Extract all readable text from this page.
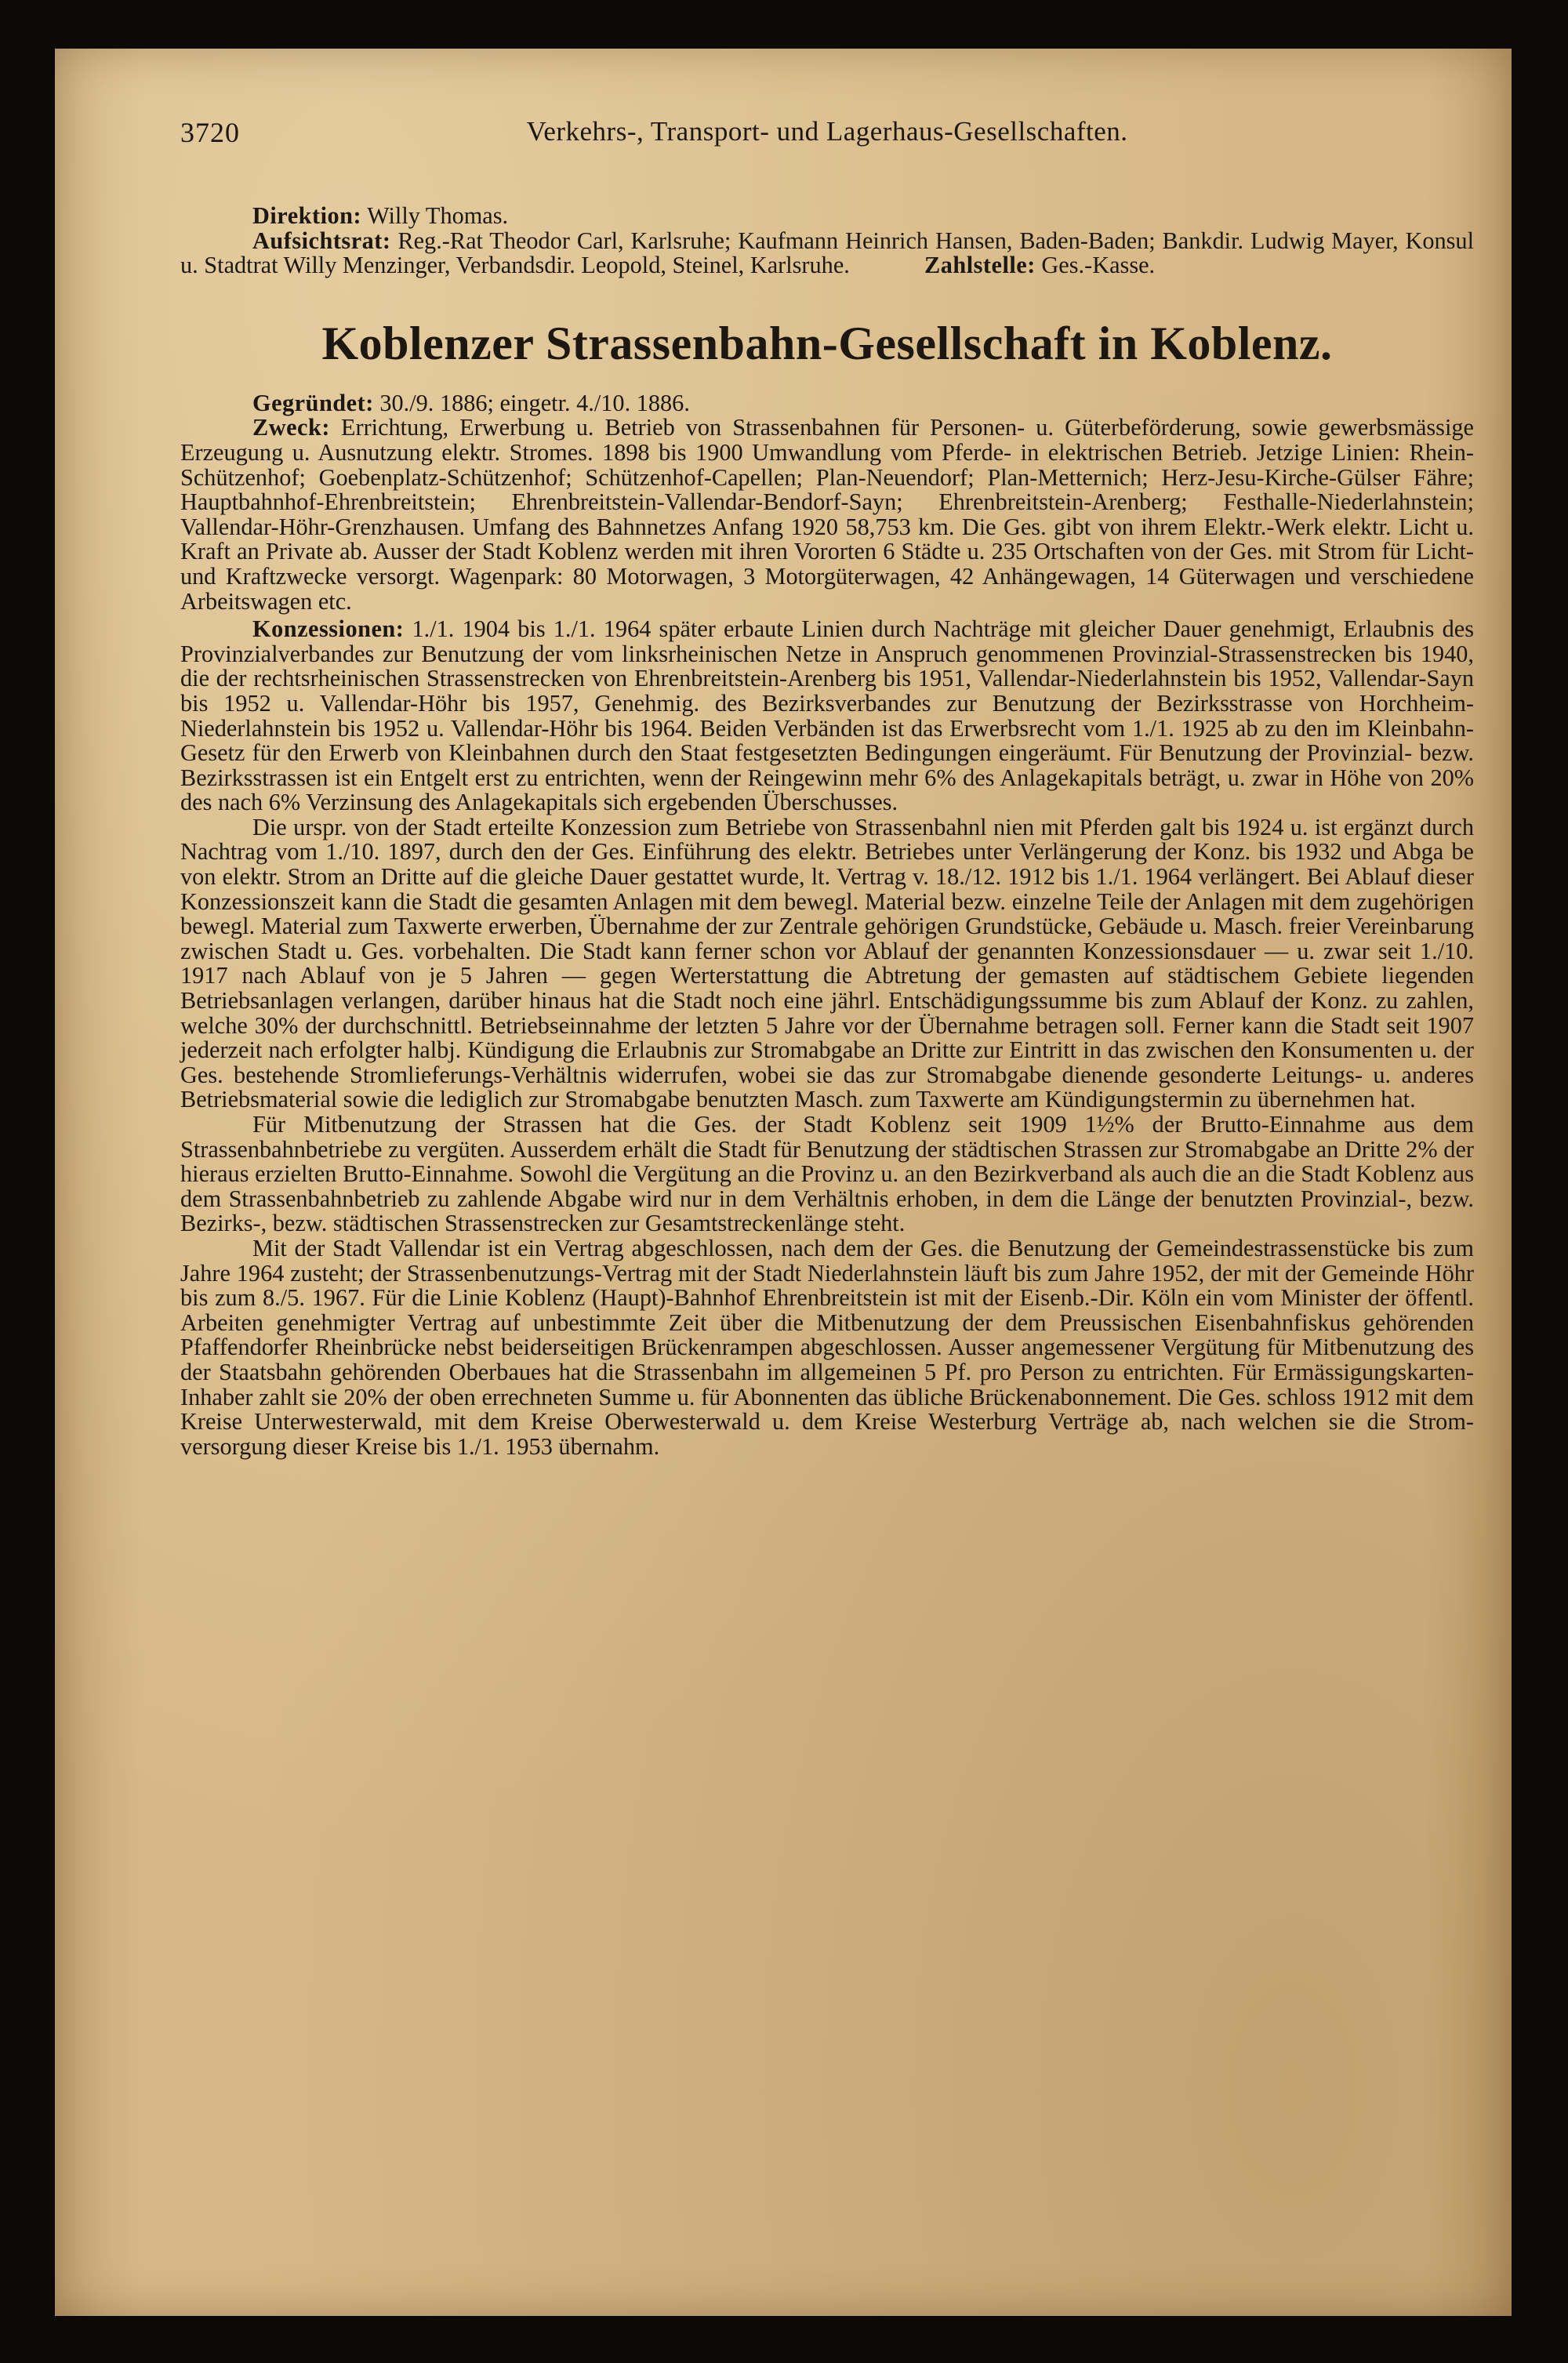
3720	Verkehrs-, Transport- und Lagerhaus-Gesellschaften.

Direktion: Willy Thomas.

Aufsichtsrat: Reg.-Rat Theodor Carl, Karlsruhe; Kaufmann Heinrich Hansen, Baden-Baden; Bankdir. Ludwig Mayer, Konsul u. Stadtrat Willy Menzinger, Verbandsdir. Leopold, Steinel, Karlsruhe.	Zahlstelle: Ges.-Kasse.

Koblenzer Strassenbahn-Gesellschaft in Koblenz.

Gegründet: 30./9. 1886; eingetr. 4./10. 1886.

Zweck: Errichtung, Erwerbung u. Betrieb von Strassenbahnen für Personen- u. Güterbeförderung, sowie gewerbsmässige Erzeugung u. Ausnutzung elektr. Stromes. 1898 bis 1900 Umwandlung vom Pferde- in elektrischen Betrieb. Jetzige Linien: Rhein-Schützenhof; Goebenplatz-Schützenhof; Schützenhof-Capellen; Plan-Neuendorf; Plan-Metternich; Herz-Jesu-Kirche-Gülser Fähre; Hauptbahnhof-Ehrenbreitstein; Ehrenbreitstein-Vallendar-Bendorf-Sayn; Ehrenbreitstein-Arenberg; Festhalle-Niederlahnstein; Vallendar-Höhr-Grenzhausen. Umfang des Bahnnetzes Anfang 1920 58,753 km. Die Ges. gibt von ihrem Elektr.-Werk elektr. Licht u. Kraft an Private ab. Ausser der Stadt Koblenz werden mit ihren Vororten 6 Städte u. 235 Ortschaften von der Ges. mit Strom für Licht- und Kraftzwecke versorgt. Wagenpark: 80 Motorwagen, 3 Motorgüterwagen, 42 Anhängewagen, 14 Güterwagen und verschiedene Arbeitswagen etc.

Konzessionen: 1./1. 1904 bis 1./1. 1964 später erbaute Linien durch Nachträge mit gleicher Dauer genehmigt, Erlaubnis des Provinzialverbandes zur Benutzung der vom linksrheinischen Netze in Anspruch genommenen Provinzial-Strassenstrecken bis 1940, die der rechtsrheinischen Strassenstrecken von Ehrenbreitstein-Arenberg bis 1951, Vallendar-Niederlahnstein bis 1952, Vallendar-Sayn bis 1952 u. Vallendar-Höhr bis 1957, Genehmig. des Bezirksverbandes zur Benutzung der Bezirksstrasse von Horchheim-Niederlahnstein bis 1952 u. Vallendar-Höhr bis 1964. Beiden Verbänden ist das Erwerbsrecht vom 1./1. 1925 ab zu den im Kleinbahn-Gesetz für den Erwerb von Kleinbahnen durch den Staat festgesetzten Bedingungen eingeräumt. Für Benutzung der Provinzial- bezw. Bezirksstrassen ist ein Entgelt erst zu entrichten, wenn der Reingewinn mehr 6% des Anlagekapitals beträgt, u. zwar in Höhe von 20% des nach 6% Verzinsung des Anlagekapitals sich ergebenden Überschusses.

Die urspr. von der Stadt erteilte Konzession zum Betriebe von Strassenbahnl nien mit Pferden galt bis 1924 u. ist ergänzt durch Nachtrag vom 1./10. 1897, durch den der Ges. Einführung des elektr. Betriebes unter Verlängerung der Konz. bis 1932 und Abga be von elektr. Strom an Dritte auf die gleiche Dauer gestattet wurde, lt. Vertrag v. 18./12. 1912 bis 1./1. 1964 verlängert. Bei Ablauf dieser Konzessionszeit kann die Stadt die gesamten Anlagen mit dem bewegl. Material bezw. einzelne Teile der Anlagen mit dem zugehörigen bewegl. Material zum Taxwerte erwerben, Übernahme der zur Zentrale gehörigen Grundstücke, Gebäude u. Masch. freier Vereinbarung zwischen Stadt u. Ges. vorbehalten. Die Stadt kann ferner schon vor Ablauf der genannten Konzessionsdauer — u. zwar seit 1./10. 1917 nach Ablauf von je 5 Jahren — gegen Werterstattung die Abtretung der gemasten auf städtischem Gebiete liegenden Betriebsanlagen verlangen, darüber hinaus hat die Stadt noch eine jährl. Entschädigungssumme bis zum Ablauf der Konz. zu zahlen, welche 30% der durchschnittl. Betriebseinnahme der letzten 5 Jahre vor der Übernahme betragen soll. Ferner kann die Stadt seit 1907 jederzeit nach erfolgter halbj. Kündigung die Erlaubnis zur Stromabgabe an Dritte zur Eintritt in das zwischen den Konsumenten u. der Ges. bestehende Stromlieferungs-Verhältnis widerrufen, wobei sie das zur Stromabgabe dienende gesonderte Leitungs- u. anderes Betriebsmaterial sowie die lediglich zur Stromabgabe benutzten Masch. zum Taxwerte am Kündigungstermin zu übernehmen hat.

Für Mitbenutzung der Strassen hat die Ges. der Stadt Koblenz seit 1909 1½% der Brutto-Einnahme aus dem Strassenbahnbetriebe zu vergüten. Ausserdem erhält die Stadt für Benutzung der städtischen Strassen zur Stromabgabe an Dritte 2% der hieraus erzielten Brutto-Einnahme. Sowohl die Vergütung an die Provinz u. an den Bezirkverband als auch die an die Stadt Koblenz aus dem Strassenbahnbetrieb zu zahlende Abgabe wird nur in dem Verhältnis erhoben, in dem die Länge der benutzten Provinzial-, bezw. Bezirks-, bezw. städtischen Strassenstrecken zur Gesamtstreckenlänge steht.

Mit der Stadt Vallendar ist ein Vertrag abgeschlossen, nach dem der Ges. die Benutzung der Gemeindestrassenstücke bis zum Jahre 1964 zusteht; der Strassenbenutzungs-Vertrag mit der Stadt Niederlahnstein läuft bis zum Jahre 1952, der mit der Gemeinde Höhr bis zum 8./5. 1967. Für die Linie Koblenz (Haupt)-Bahnhof Ehrenbreitstein ist mit der Eisenb.-Dir. Köln ein vom Minister der öffentl. Arbeiten genehmigter Vertrag auf unbestimmte Zeit über die Mitbenutzung der dem Preussischen Eisenbahnfiskus gehörenden Pfaffendorfer Rheinbrücke nebst beiderseitigen Brückenrampen abgeschlossen. Ausser angemessener Vergütung für Mitbenutzung des der Staatsbahn gehörenden Oberbaues hat die Strassenbahn im allgemeinen 5 Pf. pro Person zu entrichten. Für Ermässigungskarten-Inhaber zahlt sie 20% der oben errechneten Summe u. für Abonnenten das übliche Brückenabonnement. Die Ges. schloss 1912 mit dem Kreise Unterwesterwald, mit dem Kreise Oberwesterwald u. dem Kreise Westerburg Verträge ab, nach welchen sie die Stromversorgung dieser Kreise bis 1./1. 1953 übernahm.
